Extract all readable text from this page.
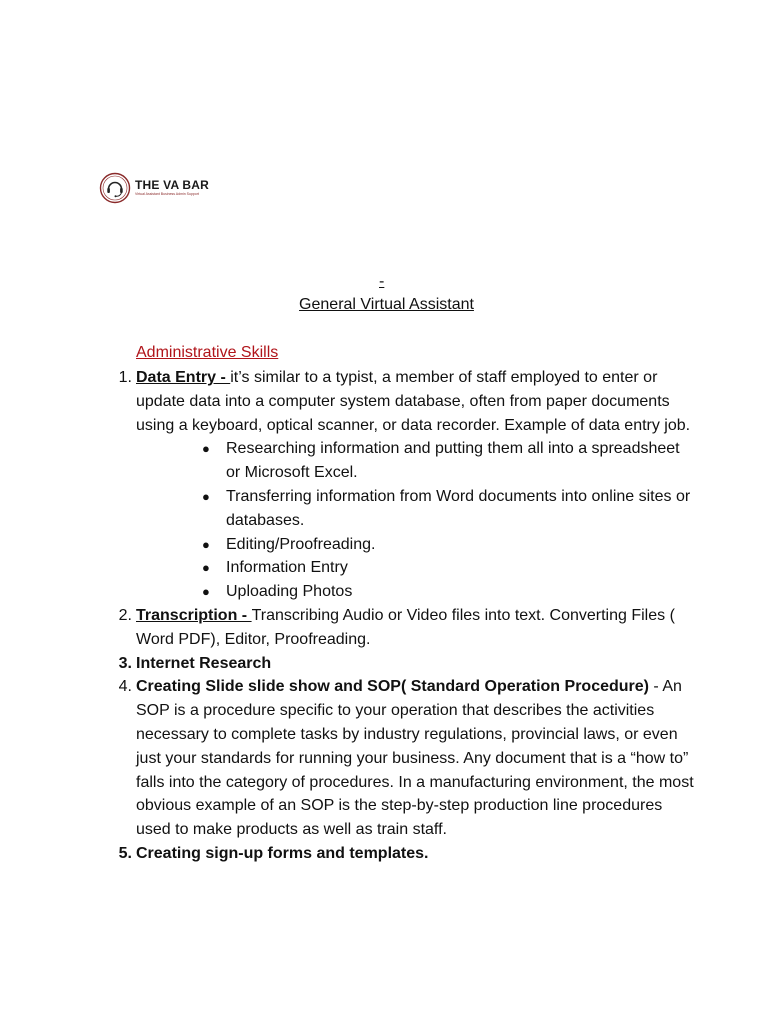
THE VA BAR
Virtual Assistant Business Admin Support
-
General Virtual Assistant
Administrative Skills
1. Data Entry - it’s similar to a typist, a member of staff employed to enter or update data into a computer system database, often from paper documents using a keyboard, optical scanner, or data recorder. Example of data entry job.
● Researching information and putting them all into a spreadsheet or Microsoft Excel.
● Transferring information from Word documents into online sites or databases.
● Editing/Proofreading.
● Information Entry
● Uploading Photos
2. Transcription - Transcribing Audio or Video files into text. Converting Files ( Word PDF), Editor, Proofreading.
3. Internet Research
4. Creating Slide slide show and SOP( Standard Operation Procedure) - An SOP is a procedure specific to your operation that describes the activities necessary to complete tasks by industry regulations, provincial laws, or even just your standards for running your business. Any document that is a “how to” falls into the category of procedures. In a manufacturing environment, the most obvious example of an SOP is the step-by-step production line procedures used to make products as well as train staff.
5. Creating sign-up forms and templates.
